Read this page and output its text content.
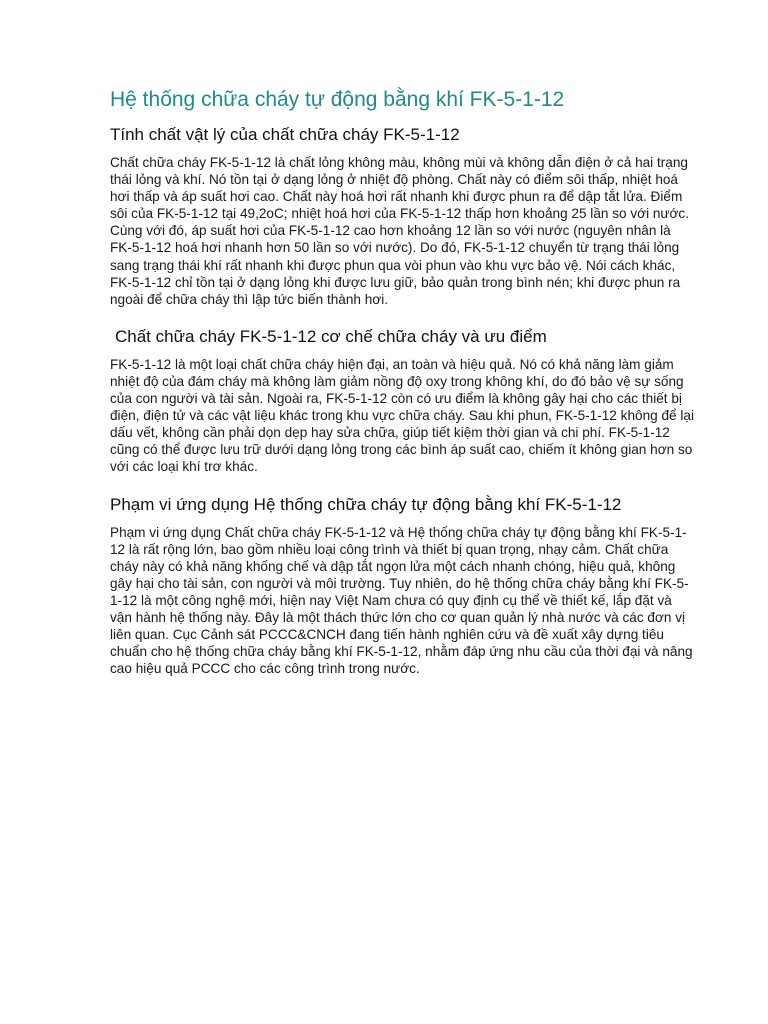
Hệ thống chữa cháy tự động bằng khí FK-5-1-12
Tính chất vật lý của chất chữa cháy FK-5-1-12

Chất chữa cháy FK-5-1-12 là chất lỏng không màu, không mùi và không dẫn điện ở cả hai trạng thái lỏng và khí. Nó tồn tại ở dạng lỏng ở nhiệt độ phòng. Chất này có điểm sôi thấp, nhiệt hoá hơi thấp và áp suất hơi cao. Chất này hoá hơi rất nhanh khi được phun ra để dập tắt lửa. Điểm sôi của FK-5-1-12 tại 49,2oC; nhiệt hoá hơi của FK-5-1-12 thấp hơn khoảng 25 lần so với nước. Cùng với đó, áp suất hơi của FK-5-1-12 cao hơn khoảng 12 lần so với nước (nguyên nhân là FK-5-1-12 hoá hơi nhanh hơn 50 lần so với nước). Do đó, FK-5-1-12 chuyển từ trạng thái lỏng sang trạng thái khí rất nhanh khi được phun qua vòi phun vào khu vực bảo vệ. Nói cách khác, FK-5-1-12 chỉ tồn tại ở dạng lỏng khi được lưu giữ, bảo quản trong bình nén; khi được phun ra ngoài để chữa cháy thì lập tức biến thành hơi.

Chất chữa cháy FK-5-1-12 cơ chế chữa cháy và ưu điểm

FK-5-1-12 là một loại chất chữa cháy hiện đại, an toàn và hiệu quả. Nó có khả năng làm giảm nhiệt độ của đám cháy mà không làm giảm nồng độ oxy trong không khí, do đó bảo vệ sự sống của con người và tài sản. Ngoài ra, FK-5-1-12 còn có ưu điểm là không gây hại cho các thiết bị điện, điện tử và các vật liệu khác trong khu vực chữa cháy. Sau khi phun, FK-5-1-12 không để lại dấu vết, không cần phải dọn dẹp hay sửa chữa, giúp tiết kiệm thời gian và chi phí. FK-5-1-12 cũng có thể được lưu trữ dưới dạng lỏng trong các bình áp suất cao, chiếm ít không gian hơn so với các loại khí trơ khác.

Phạm vi ứng dụng Hệ thống chữa cháy tự động bằng khí FK-5-1-12

Phạm vi ứng dụng Chất chữa cháy FK-5-1-12 và Hệ thống chữa cháy tự động bằng khí FK-5-1-12 là rất rộng lớn, bao gồm nhiều loại công trình và thiết bị quan trọng, nhạy cảm. Chất chữa cháy này có khả năng khống chế và dập tắt ngọn lửa một cách nhanh chóng, hiệu quả, không gây hại cho tài sản, con người và môi trường. Tuy nhiên, do hệ thống chữa cháy bằng khí FK-5-1-12 là một công nghệ mới, hiện nay Việt Nam chưa có quy định cụ thể về thiết kế, lắp đặt và vận hành hệ thống này. Đây là một thách thức lớn cho cơ quan quản lý nhà nước và các đơn vị liên quan. Cục Cảnh sát PCCC&CNCH đang tiến hành nghiên cứu và đề xuất xây dựng tiêu chuẩn cho hệ thống chữa cháy bằng khí FK-5-1-12, nhằm đáp ứng nhu cầu của thời đại và nâng cao hiệu quả PCCC cho các công trình trong nước.
